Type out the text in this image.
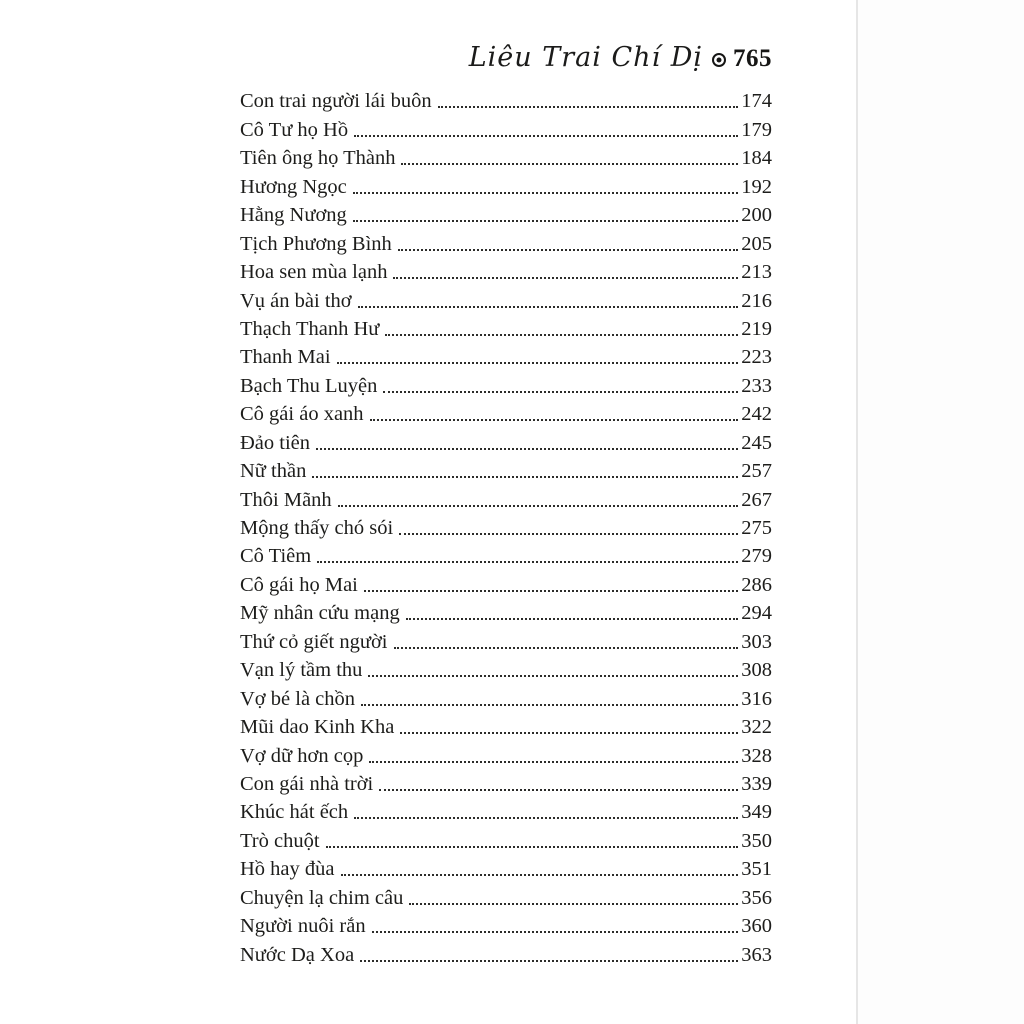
Liêu Trai Chí Dị 765
Con trai người lái buôn	174
Cô Tư họ Hồ	179
Tiên ông họ Thành	184
Hương Ngọc	192
Hằng Nương	200
Tịch Phương Bình	205
Hoa sen mùa lạnh	213
Vụ án bài thơ	216
Thạch Thanh Hư	219
Thanh Mai	223
Bạch Thu Luyện	233
Cô gái áo xanh	242
Đảo tiên	245
Nữ thần	257
Thôi Mãnh	267
Mộng thấy chó sói	275
Cô Tiêm	279
Cô gái họ Mai	286
Mỹ nhân cứu mạng	294
Thứ cỏ giết người	303
Vạn lý tầm thu	308
Vợ bé là chồn	316
Mũi dao Kinh Kha	322
Vợ dữ hơn cọp	328
Con gái nhà trời	339
Khúc hát ếch	349
Trò chuột	350
Hồ hay đùa	351
Chuyện lạ chim câu	356
Người nuôi rắn	360
Nước Dạ Xoa	363
